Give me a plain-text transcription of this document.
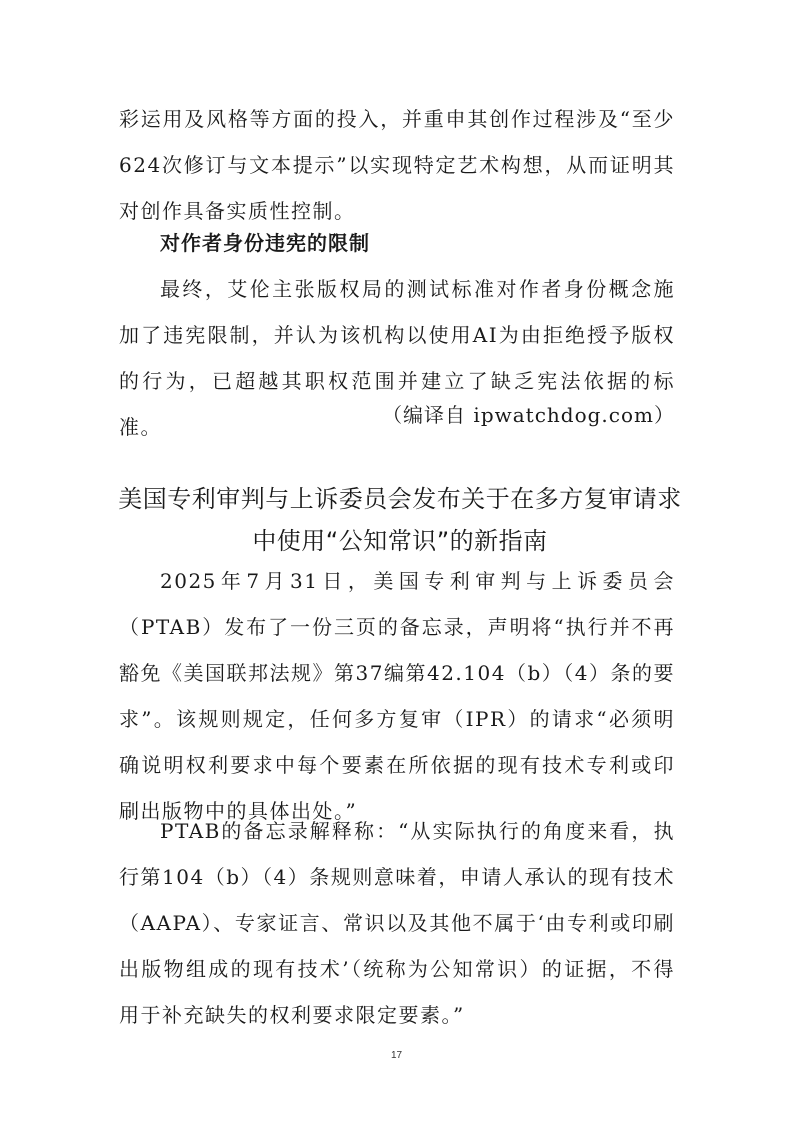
彩运用及风格等方面的投入，并重申其创作过程涉及“至少624次修订与文本提示”以实现特定艺术构想，从而证明其对创作具备实质性控制。

对作者身份违宪的限制

最终，艾伦主张版权局的测试标准对作者身份概念施加了违宪限制，并认为该机构以使用AI为由拒绝授予版权的行为，已超越其职权范围并建立了缺乏宪法依据的标准。	（编译自 ipwatchdog.com）

美国专利审判与上诉委员会发布关于在多方复审请求
中使用“公知常识”的新指南

2025年7月31日，美国专利审判与上诉委员会（PTAB）发布了一份三页的备忘录，声明将“执行并不再豁免《美国联邦法规》第37编第42.104（b）（4）条的要求”。该规则规定，任何多方复审（IPR）的请求“必须明确说明权利要求中每个要素在所依据的现有技术专利或印刷出版物中的具体出处。”

PTAB的备忘录解释称：“从实际执行的角度来看，执行第104（b）（4）条规则意味着，申请人承认的现有技术（AAPA）、专家证言、常识以及其他不属于‘由专利或印刷出版物组成的现有技术’（统称为公知常识）的证据，不得用于补充缺失的权利要求限定要素。”

17
